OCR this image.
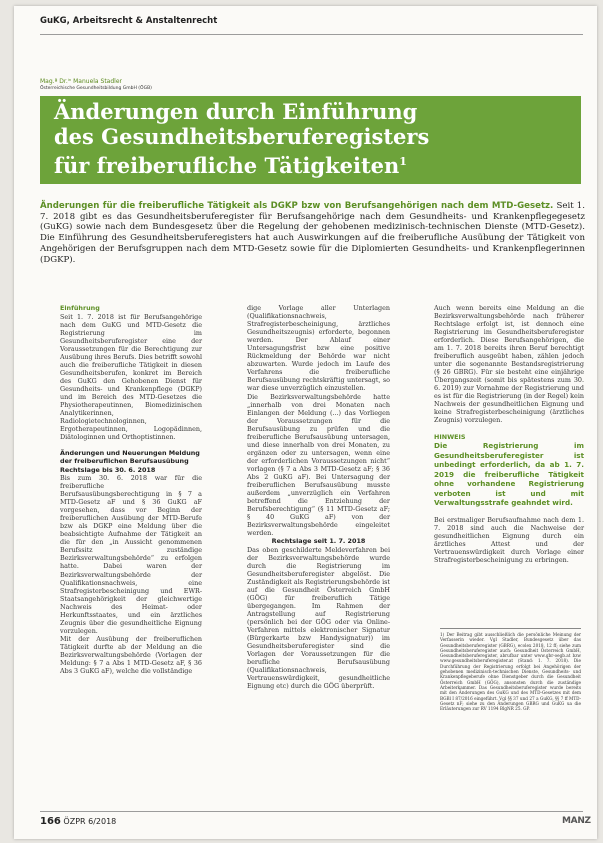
GuKG, Arbeitsrecht & Anstaltenrecht
Mag.ª Dr.ⁱⁿ Manuela Stadler
Österreichische Gesundheitsbildung GmbH (ÖGB)
Änderungen durch Einführung
des Gesundheitsberuferegisters
für freiberufliche Tätigkeiten$^1$

Änderungen für die freiberufliche Tätigkeit als DGKP bzw von Berufsangehörigen nach dem MTD-Gesetz. Seit 1. 7. 2018 gibt es das Gesundheitsberuferegister für Berufsangehörige nach dem Gesundheits- und Krankenpflegegesetz (GuKG) sowie nach dem Bundesgesetz über die Regelung der gehobenen medizinisch-technischen Dienste (MTD-Gesetz). Die Einführung des Gesundheitsberuferegisters hat auch Auswirkungen auf die freiberufliche Ausübung der Tätigkeit von Angehörigen der Berufsgruppen nach dem MTD-Gesetz sowie für die Diplomierten Gesundheits- und Krankenpflegerinnen (DGKP).

Einführung

Seit 1. 7. 2018 ist für Berufsangehörige nach dem GuKG und MTD-Gesetz die Registrierung im Gesundheitsberuferegister eine der Voraussetzungen für die Berechtigung zur Ausübung ihres Berufs. Dies betrifft sowohl auch die freiberufliche Tätigkeit in diesen Gesundheitsberufen, konkret im Bereich des GuKG den Gehobenen Dienst für Gesundheits- und Krankenpflege (DGKP) und im Bereich des MTD-Gesetzes die Physiotherapeutinnen, Biomedizinischen Analytikerinnen, Radiologietechnologinnen, Ergotherapeutinnen, Logopädinnen, Diätologinnen und Orthoptistinnen.

Änderungen und Neuerungen Meldung der freiberuflichen Berufsausübung

Rechtslage bis 30. 6. 2018

Bis zum 30. 6. 2018 war für die freiberufliche Berufsausübungsberechtigung in § 7 a MTD-Gesetz aF und § 36 GuKG aF vorgesehen, dass vor Beginn der freiberuflichen Ausübung der MTD-Berufe bzw als DGKP eine Meldung über die beabsichtigte Aufnahme der Tätigkeit an die für den „in Aussicht genommenen Berufssitz zuständige Bezirksverwaltungsbehörde“ zu erfolgen hatte. Dabei waren der Bezirksverwaltungsbehörde der Qualifikationsnachweis, eine Strafregisterbescheinigung und EWR-Staatsangehörigkeit der gleichwertige Nachweis des Heimat- oder Herkunftsstaates, und ein ärztliches Zeugnis über die gesundheitliche Eignung vorzulegen.

Mit der Ausübung der freiberuflichen Tätigkeit durfte ab der Meldung an die Bezirksverwaltungsbehörde (Vorlagen der Meldung: § 7 a Abs 1 MTD-Gesetz aF, § 36 Abs 3 GuKG aF), welche die vollständige

dige Vorlage aller Unterlagen (Qualifikationsnachweis, Strafregisterbescheinigung, ärztliches Gesundheitszeugnis) erforderte, begonnen werden. Der Ablauf einer Untersagungsfrist bzw eine positive Rückmeldung der Behörde war nicht abzuwarten. Wurde jedoch im Laufe des Verfahrens die freiberufliche Berufsausübung rechtskräftig untersagt, so war diese unverzüglich einzustellen.

Die Bezirksverwaltungsbehörde hatte „innerhalb von drei Monaten nach Einlangen der Meldung (...) das Vorliegen der Voraussetzungen für die Berufsausübung zu prüfen und die freiberufliche Berufsausübung untersagen, und diese innerhalb von drei Monaten, zu ergänzen oder zu untersagen, wenn eine der erforderlichen Voraussetzungen nicht“ vorlagen (§ 7 a Abs 3 MTD-Gesetz aF; § 36 Abs 2 GuKG aF). Bei Untersagung der freiberuflichen Berufsausübung musste außerdem „unverzüglich ein Verfahren betreffend die Entziehung der Berufsberechtigung“ (§ 11 MTD-Gesetz aF; § 40 GuKG aF) von der Bezirksverwaltungsbehörde eingeleitet werden.

Rechtslage seit 1. 7. 2018

Das oben geschilderte Meldeverfahren bei der Bezirksverwaltungsbehörde wurde durch die Registrierung im Gesundheitsberuferegister abgelöst. Die Zuständigkeit als Registrierungsbehörde ist auf die Gesundheit Österreich GmbH (GÖG) für freiberuflich Tätige übergegangen. Im Rahmen der Antragstellung auf Registrierung (persönlich bei der GÖG oder via Online-Verfahren mittels elektronischer Signatur (Bürgerkarte bzw Handysignatur)) im Gesundheitsberuferegister sind die Vorlagen der Voraussetzungen für die berufliche Berufsausübung (Qualifikationsnachweis, Vertrauenswürdigkeit, gesundheitliche Eignung etc) durch die GÖG überprüft.

Auch wenn bereits eine Meldung an die Bezirksverwaltungsbehörde nach früherer Rechtslage erfolgt ist, ist dennoch eine Registrierung im Gesundheitsberuferegister erforderlich. Diese Berufsangehörigen, die am 1. 7. 2018 bereits ihren Beruf berechtigt freiberuflich ausgeübt haben, zählen jedoch unter die sogenannte Bestandsregistrierung (§ 26 GBRG). Für sie besteht eine einjährige Übergangszeit (somit bis spätestens zum 30. 6. 2019) zur Vornahme der Registrierung und es ist für die Registrierung (in der Regel) kein Nachweis der gesundheitlichen Eignung und keine Strafregisterbescheinigung (ärztliches Zeugnis) vorzulegen.

HINWEIS

Die Registrierung im Gesundheitsberuferegister ist unbedingt erforderlich, da ab 1. 7. 2019 die freiberufliche Tätigkeit ohne vorhandene Registrierung verboten ist und mit Verwaltungsstrafe geahndet wird.

Bei erstmaliger Berufsaufnahme nach dem 1. 7. 2018 sind auch die Nachweise der gesundheitlichen Eignung durch ein ärztliches Attest und der Vertrauenswürdigkeit durch Vorlage einer Strafregisterbescheinigung zu erbringen.

1) Der Beitrag gibt ausschließlich die persönliche Meinung der Verfasserin wieder. Vgl Stadler, Bundesgesetz über das Gesundheitsberuferegister (GBRG), ecolex 2018, 12 ff; siehe zum Gesundheitsberuferegister auch: Gesundheit Österreich GmbH, Gesundheitsberuferegister, abrufbar unter www.gbr-oegb.at bzw www.gesundheitsberuferegister.at (Stand: 1. 7. 2018). Die Durchführung der Registrierung erfolgt bei Angehörigen der gehobenen medizinisch-technischen Dienste, Gesundheits- und Krankenpflegeberufe ohne Dienstgeber durch die Gesundheit Österreich GmbH (GÖG), ansonsten durch die zuständige Arbeiterkammer. Das Gesundheitsberuferegister wurde bereits mit den Änderungen des GuKG und des MTD-Gesetzes mit dem BGBl I 87/2016 eingeführt. Vgl §§ 37 und 27 a GuKG, §§ 7 ff MTD-Gesetz nF; siehe zu den Änderungen GBRG und GuKG ua die Erläuterungen zur RV 1194 BlgNR 25. GP.
166 ÖZPR 6/2018	MANZ
